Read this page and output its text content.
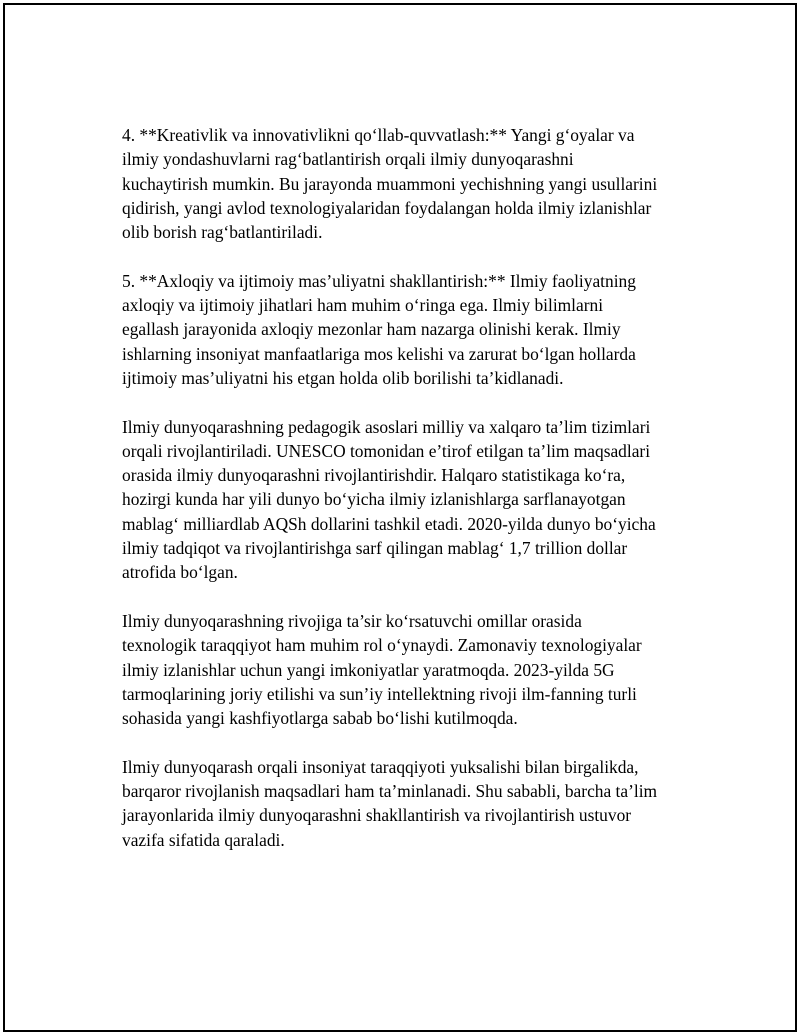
4. **Kreativlik va innovativlikni qo‘llab-quvvatlash:** Yangi g‘oyalar va
ilmiy yondashuvlarni rag‘batlantirish orqali ilmiy dunyoqarashni
kuchaytirish mumkin. Bu jarayonda muammoni yechishning yangi usullarini
qidirish, yangi avlod texnologiyalaridan foydalangan holda ilmiy izlanishlar
olib borish rag‘batlantiriladi.

5. **Axloqiy va ijtimoiy mas’uliyatni shakllantirish:** Ilmiy faoliyatning
axloqiy va ijtimoiy jihatlari ham muhim o‘ringa ega. Ilmiy bilimlarni
egallash jarayonida axloqiy mezonlar ham nazarga olinishi kerak. Ilmiy
ishlarning insoniyat manfaatlariga mos kelishi va zarurat bo‘lgan hollarda
ijtimoiy mas’uliyatni his etgan holda olib borilishi ta’kidlanadi.

Ilmiy dunyoqarashning pedagogik asoslari milliy va xalqaro ta’lim tizimlari
orqali rivojlantiriladi. UNESCO tomonidan e’tirof etilgan ta’lim maqsadlari
orasida ilmiy dunyoqarashni rivojlantirishdir. Halqaro statistikaga ko‘ra,
hozirgi kunda har yili dunyo bo‘yicha ilmiy izlanishlarga sarflanayotgan
mablag‘ milliardlab AQSh dollarini tashkil etadi. 2020-yilda dunyo bo‘yicha
ilmiy tadqiqot va rivojlantirishga sarf qilingan mablag‘ 1,7 trillion dollar
atrofida bo‘lgan.

Ilmiy dunyoqarashning rivojiga ta’sir ko‘rsatuvchi omillar orasida
texnologik taraqqiyot ham muhim rol o‘ynaydi. Zamonaviy texnologiyalar
ilmiy izlanishlar uchun yangi imkoniyatlar yaratmoqda. 2023-yilda 5G
tarmoqlarining joriy etilishi va sun’iy intellektning rivoji ilm-fanning turli
sohasida yangi kashfiyotlarga sabab bo‘lishi kutilmoqda.

Ilmiy dunyoqarash orqali insoniyat taraqqiyoti yuksalishi bilan birgalikda,
barqaror rivojlanish maqsadlari ham ta’minlanadi. Shu sababli, barcha ta’lim
jarayonlarida ilmiy dunyoqarashni shakllantirish va rivojlantirish ustuvor
vazifa sifatida qaraladi.
